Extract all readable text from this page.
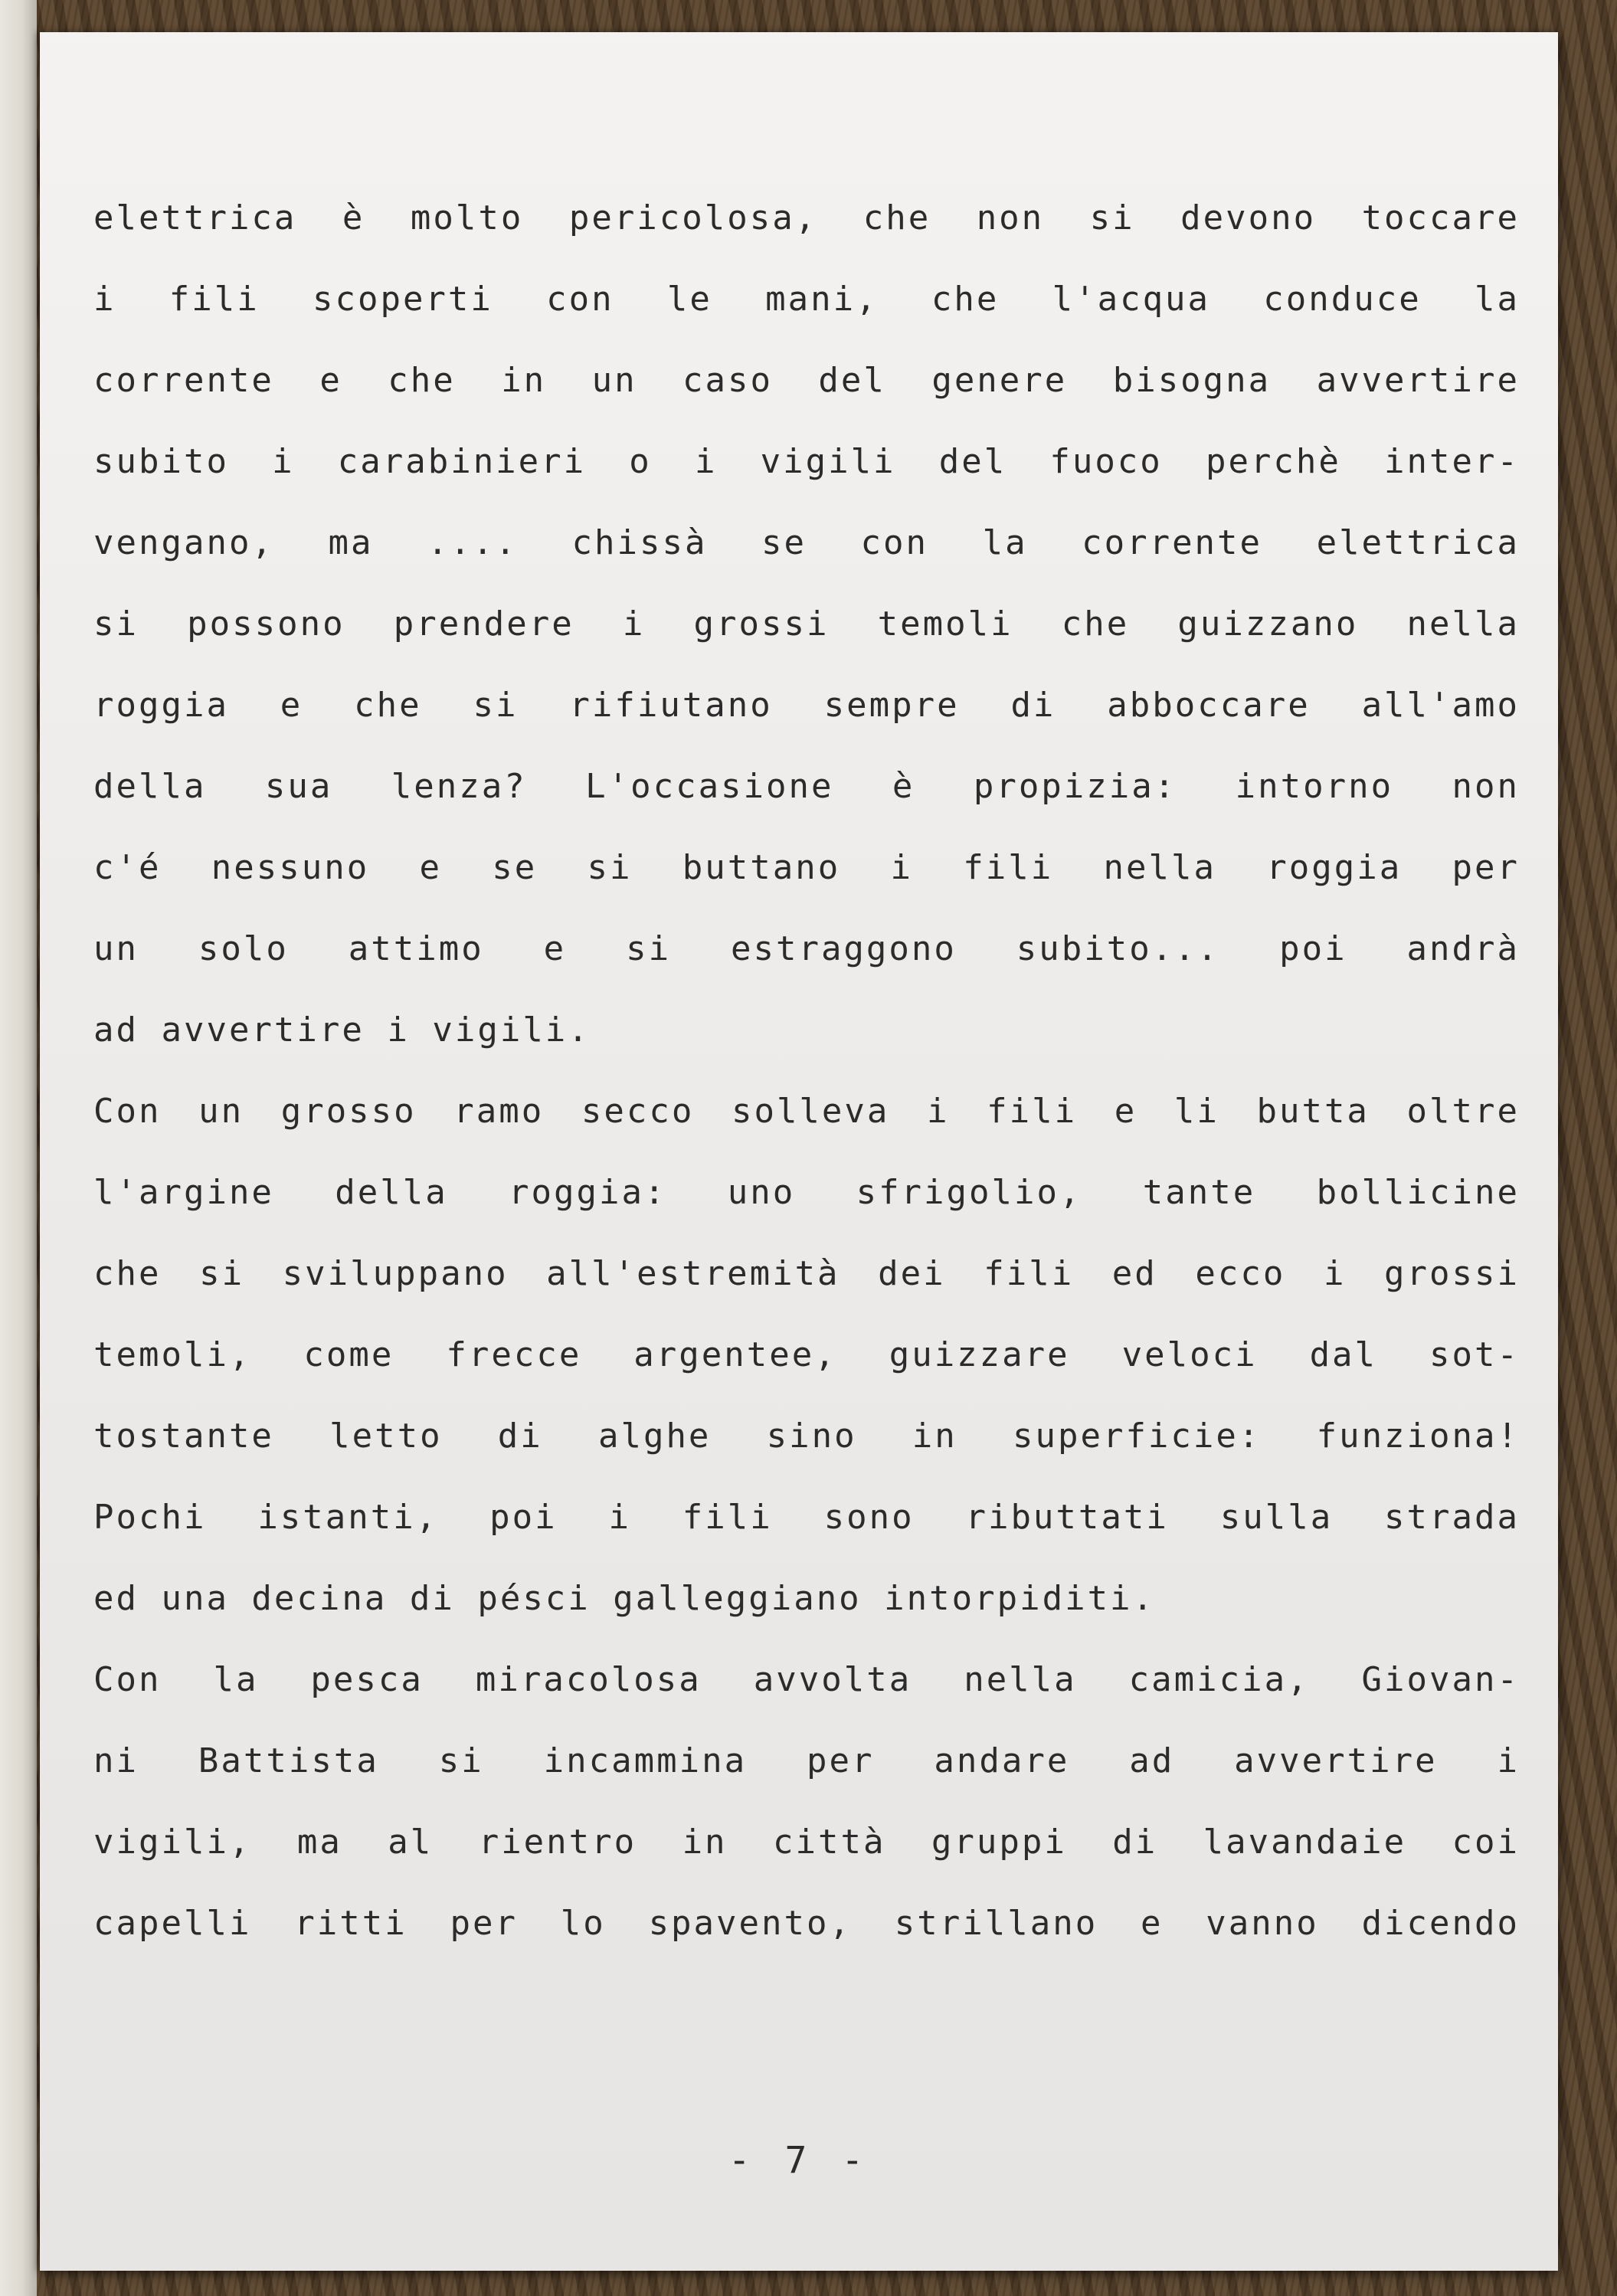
elettrica è molto pericolosa, che non si devono toccare
i fili scoperti con le mani, che l'acqua conduce la
corrente e che in un caso del genere bisogna avvertire
subito i carabinieri o i vigili del fuoco perchè inter-
vengano, ma .... chissà se con la corrente elettrica
si possono prendere i grossi temoli che guizzano nella
roggia e che si rifiutano sempre di abboccare all'amo
della sua lenza? L'occasione è propizia: intorno non
c'é nessuno e se si buttano i fili nella roggia per
un solo attimo e si estraggono subito... poi andrà
ad avvertire i vigili.
Con un grosso ramo secco solleva i fili e li butta oltre
l'argine della roggia: uno sfrigolio, tante bollicine
che si sviluppano all'estremità dei fili ed ecco i grossi
temoli, come frecce argentee, guizzare veloci dal sot-
tostante letto di alghe sino in superficie: funziona!
Pochi istanti, poi i fili sono ributtati sulla strada
ed una decina di pésci galleggiano intorpiditi.
Con la pesca miracolosa avvolta nella camicia, Giovan-
ni Battista si incammina per andare ad avvertire i
vigili, ma al rientro in città gruppi di lavandaie coi
capelli ritti per lo spavento, strillano e vanno dicendo
- 7 -
